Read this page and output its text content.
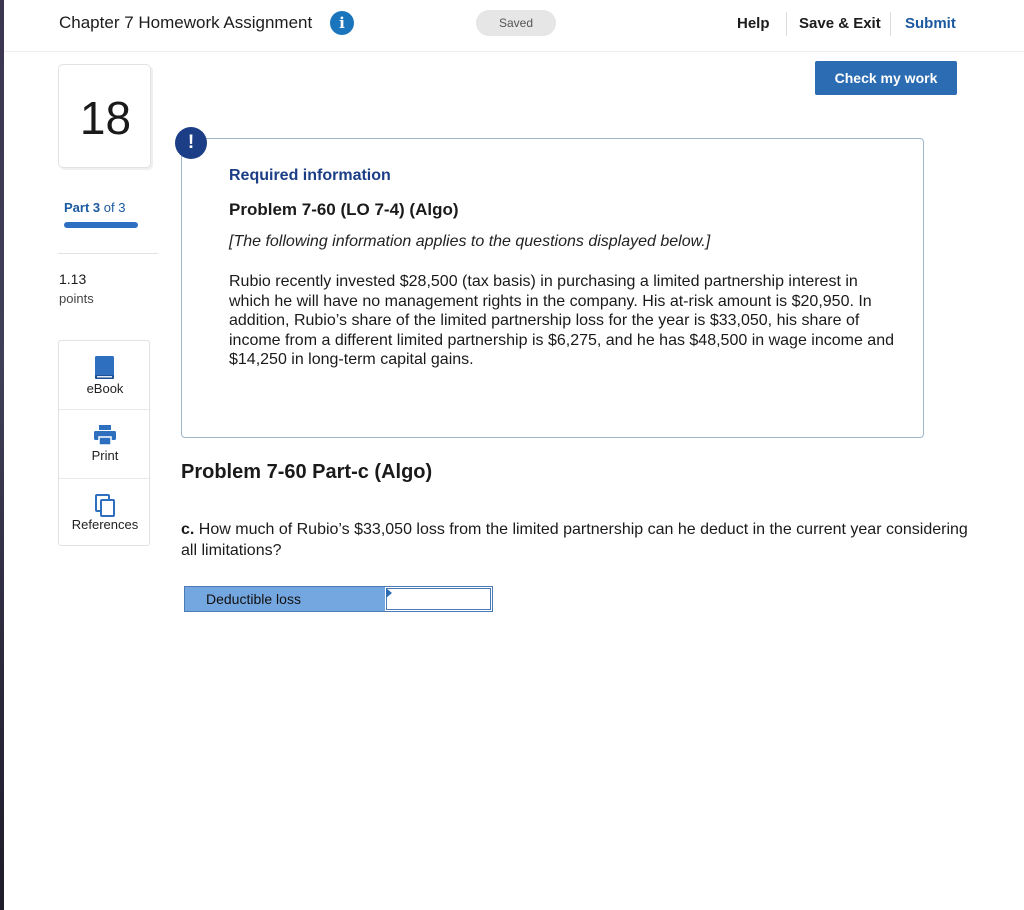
Chapter 7 Homework Assignment	i	Saved	Help Save & Exit Submit
18
Part 3 of 3
1.13
points
eBook
Print
References
Check my work
!
Required information
Problem 7-60 (LO 7-4) (Algo)
[The following information applies to the questions displayed below.]
Rubio recently invested $28,500 (tax basis) in purchasing a limited partnership interest in which he will have no management rights in the company. His at-risk amount is $20,950. In addition, Rubio’s share of the limited partnership loss for the year is $33,050, his share of income from a different limited partnership is $6,275, and he has $48,500 in wage income and $14,250 in long-term capital gains.
Problem 7-60 Part-c (Algo)
c. How much of Rubio’s $33,050 loss from the limited partnership can he deduct in the current year considering all limitations?
Deductible loss
